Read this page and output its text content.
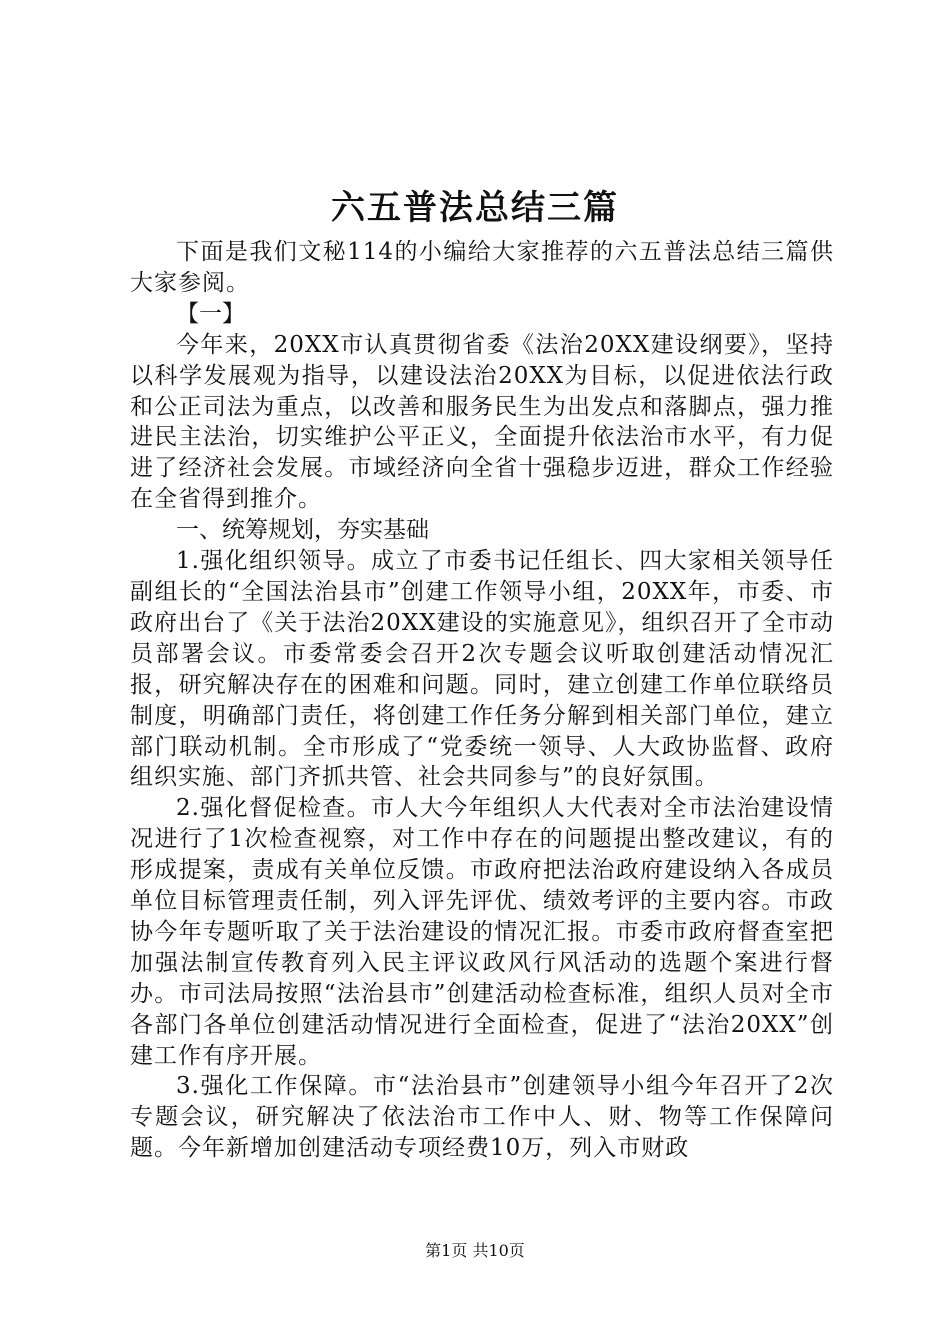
六五普法总结三篇

下面是我们文秘114的小编给大家推荐的六五普法总结三篇供大家参阅。

【一】

今年来，20XX市认真贯彻省委《法治20XX建设纲要》，坚持以科学发展观为指导，以建设法治20XX为目标，以促进依法行政和公正司法为重点，以改善和服务民生为出发点和落脚点，强力推进民主法治，切实维护公平正义，全面提升依法治市水平，有力促进了经济社会发展。市域经济向全省十强稳步迈进，群众工作经验在全省得到推介。

一、统筹规划，夯实基础

1.强化组织领导。成立了市委书记任组长、四大家相关领导任副组长的“全国法治县市”创建工作领导小组，20XX年，市委、市政府出台了《关于法治20XX建设的实施意见》，组织召开了全市动员部署会议。市委常委会召开2次专题会议听取创建活动情况汇报，研究解决存在的困难和问题。同时，建立创建工作单位联络员制度，明确部门责任，将创建工作任务分解到相关部门单位，建立部门联动机制。全市形成了“党委统一领导、人大政协监督、政府组织实施、部门齐抓共管、社会共同参与”的良好氛围。

2.强化督促检查。市人大今年组织人大代表对全市法治建设情况进行了1次检查视察，对工作中存在的问题提出整改建议，有的形成提案，责成有关单位反馈。市政府把法治政府建设纳入各成员单位目标管理责任制，列入评先评优、绩效考评的主要内容。市政协今年专题听取了关于法治建设的情况汇报。市委市政府督查室把加强法制宣传教育列入民主评议政风行风活动的选题个案进行督办。市司法局按照“法治县市”创建活动检查标准，组织人员对全市各部门各单位创建活动情况进行全面检查，促进了“法治20XX”创建工作有序开展。

3.强化工作保障。市“法治县市”创建领导小组今年召开了2次专题会议，研究解决了依法治市工作中人、财、物等工作保障问题。今年新增加创建活动专项经费10万，列入市财政

第1页 共10页
